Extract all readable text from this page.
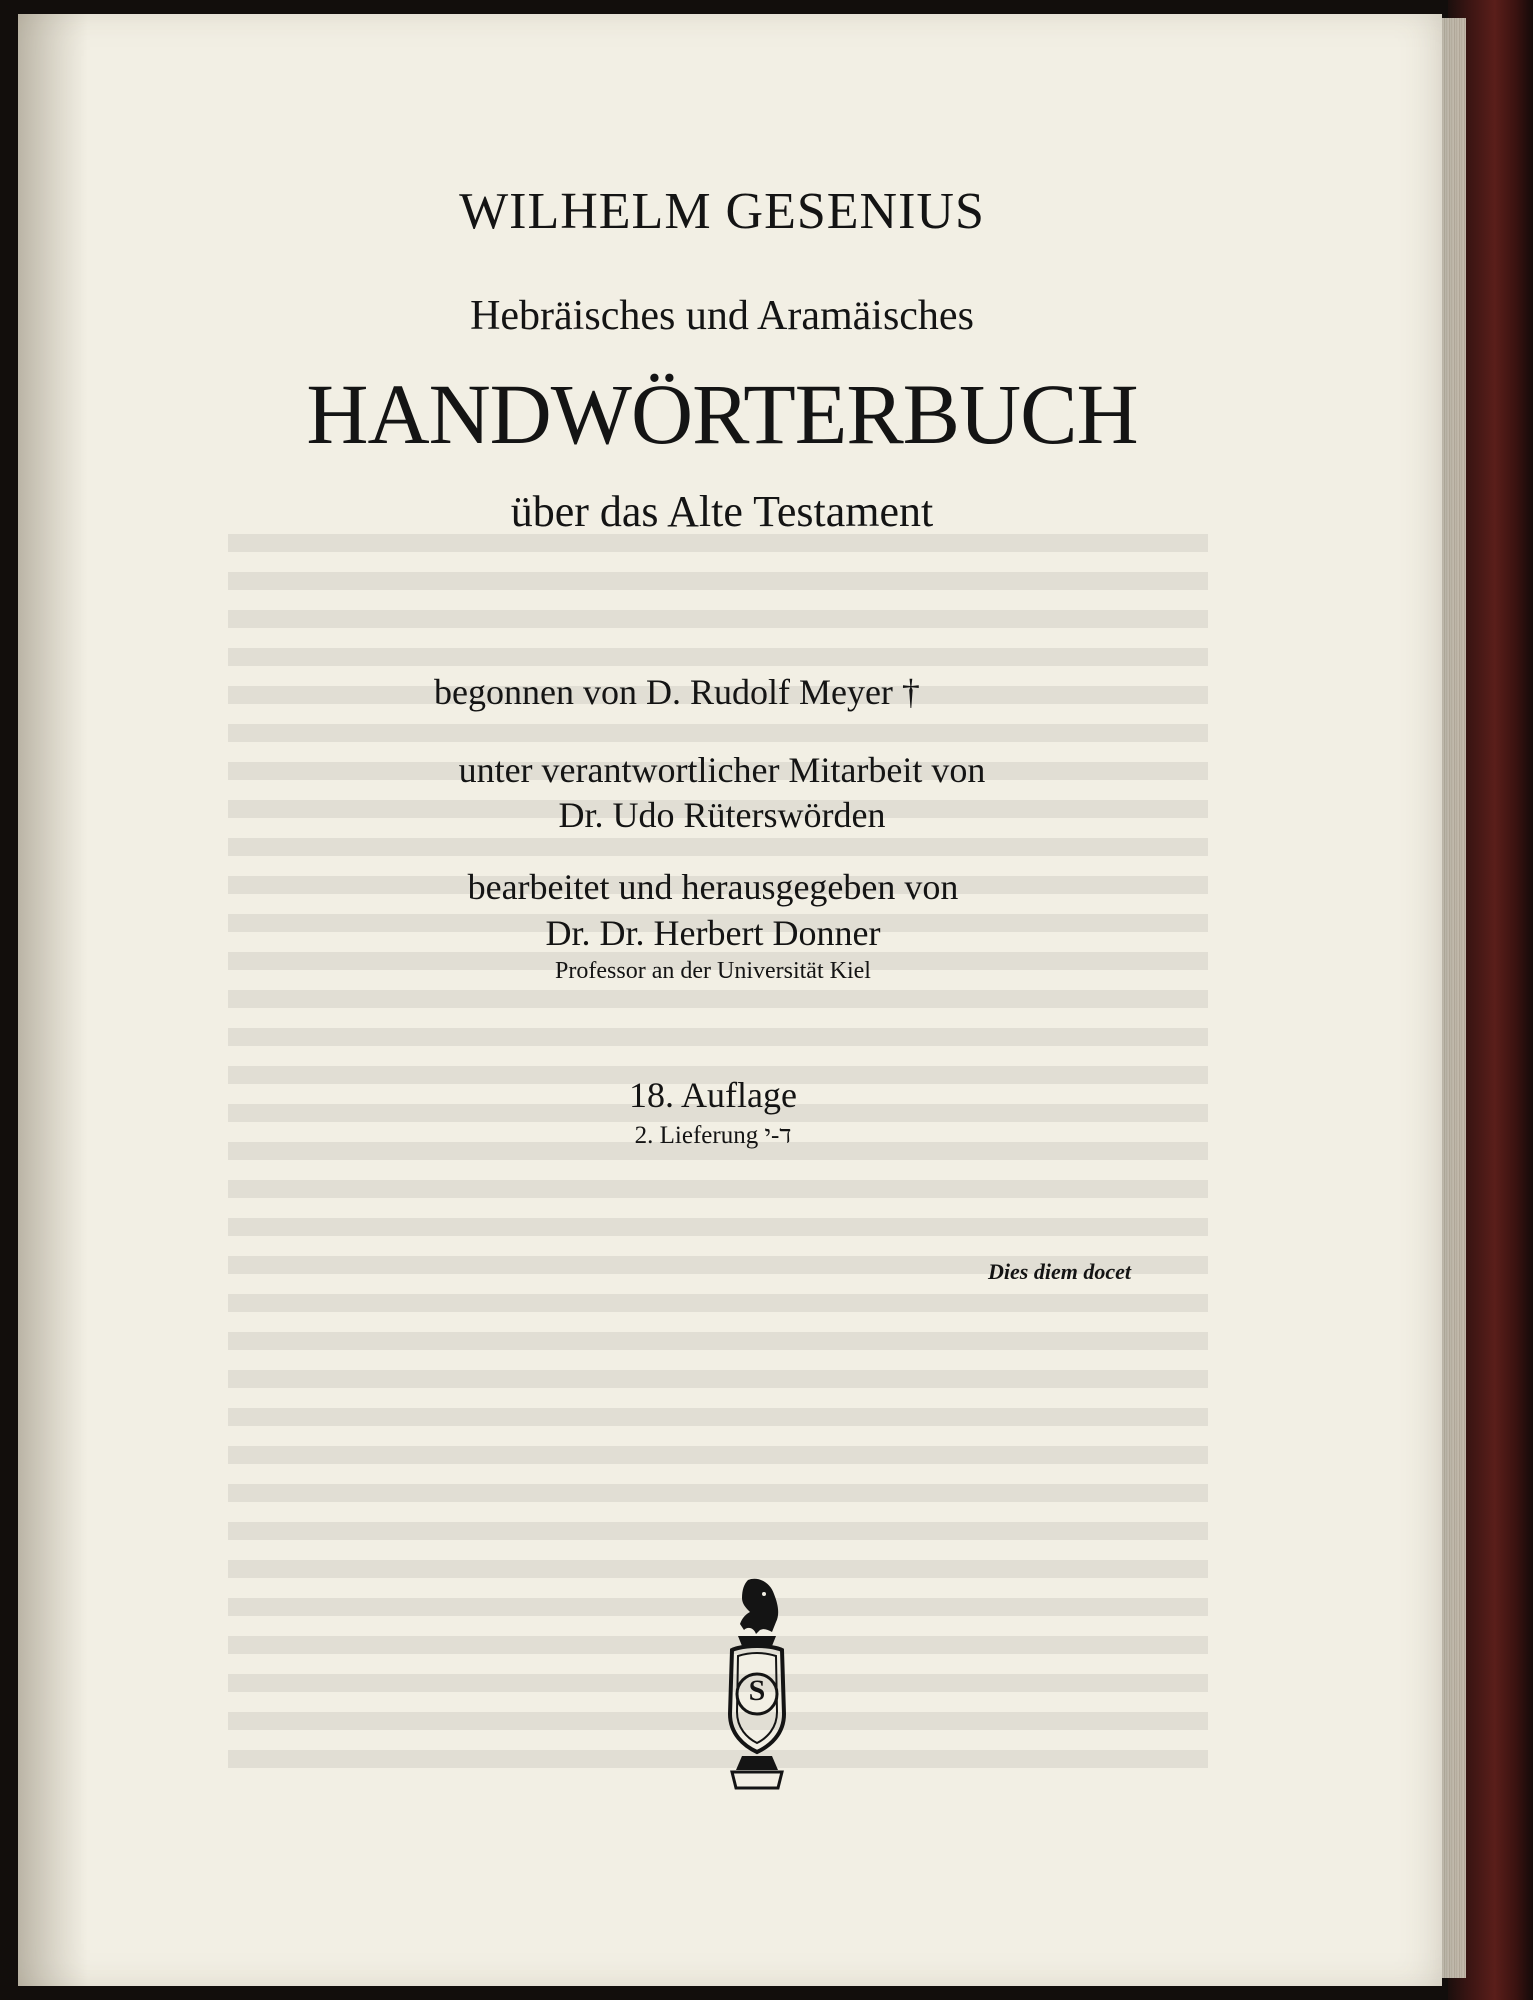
WILHELM GESENIUS
Hebräisches und Aramäisches
HANDWÖRTERBUCH
über das Alte Testament
begonnen von D. Rudolf Meyer †
unter verantwortlicher Mitarbeit von
Dr. Udo Rüterswörden
bearbeitet und herausgegeben von
Dr. Dr. Herbert Donner
Professor an der Universität Kiel
18. Auflage
2. Lieferung ד-י
Dies diem docet
S
1842
